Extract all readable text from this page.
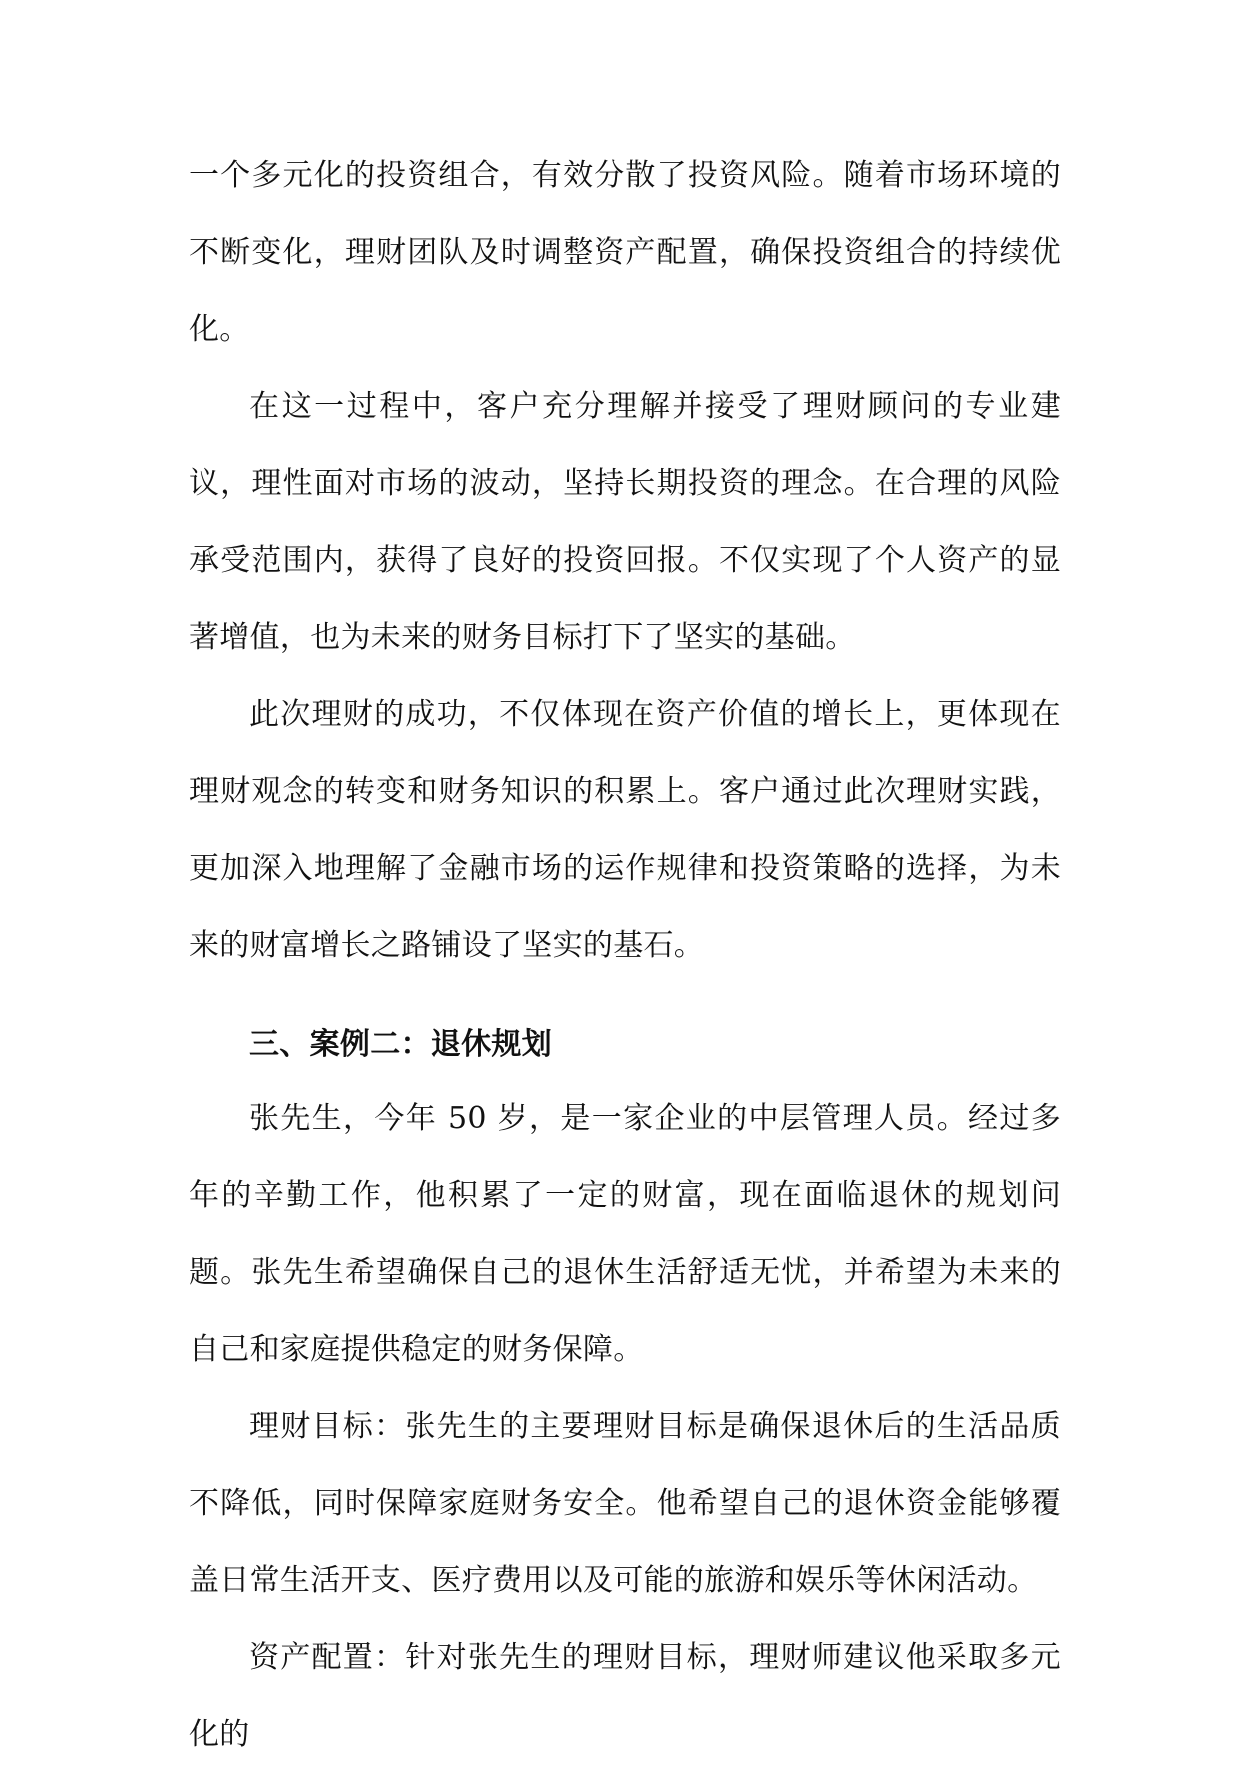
一个多元化的投资组合，有效分散了投资风险。随着市场环境的不断变化，理财团队及时调整资产配置，确保投资组合的持续优化。

在这一过程中，客户充分理解并接受了理财顾问的专业建议，理性面对市场的波动，坚持长期投资的理念。在合理的风险承受范围内，获得了良好的投资回报。不仅实现了个人资产的显著增值，也为未来的财务目标打下了坚实的基础。

此次理财的成功，不仅体现在资产价值的增长上，更体现在理财观念的转变和财务知识的积累上。客户通过此次理财实践，更加深入地理解了金融市场的运作规律和投资策略的选择，为未来的财富增长之路铺设了坚实的基石。

三、案例二：退休规划

张先生，今年 50 岁，是一家企业的中层管理人员。经过多年的辛勤工作，他积累了一定的财富，现在面临退休的规划问题。张先生希望确保自己的退休生活舒适无忧，并希望为未来的自己和家庭提供稳定的财务保障。

理财目标：张先生的主要理财目标是确保退休后的生活品质不降低，同时保障家庭财务安全。他希望自己的退休资金能够覆盖日常生活开支、医疗费用以及可能的旅游和娱乐等休闲活动。

资产配置：针对张先生的理财目标，理财师建议他采取多元化的
